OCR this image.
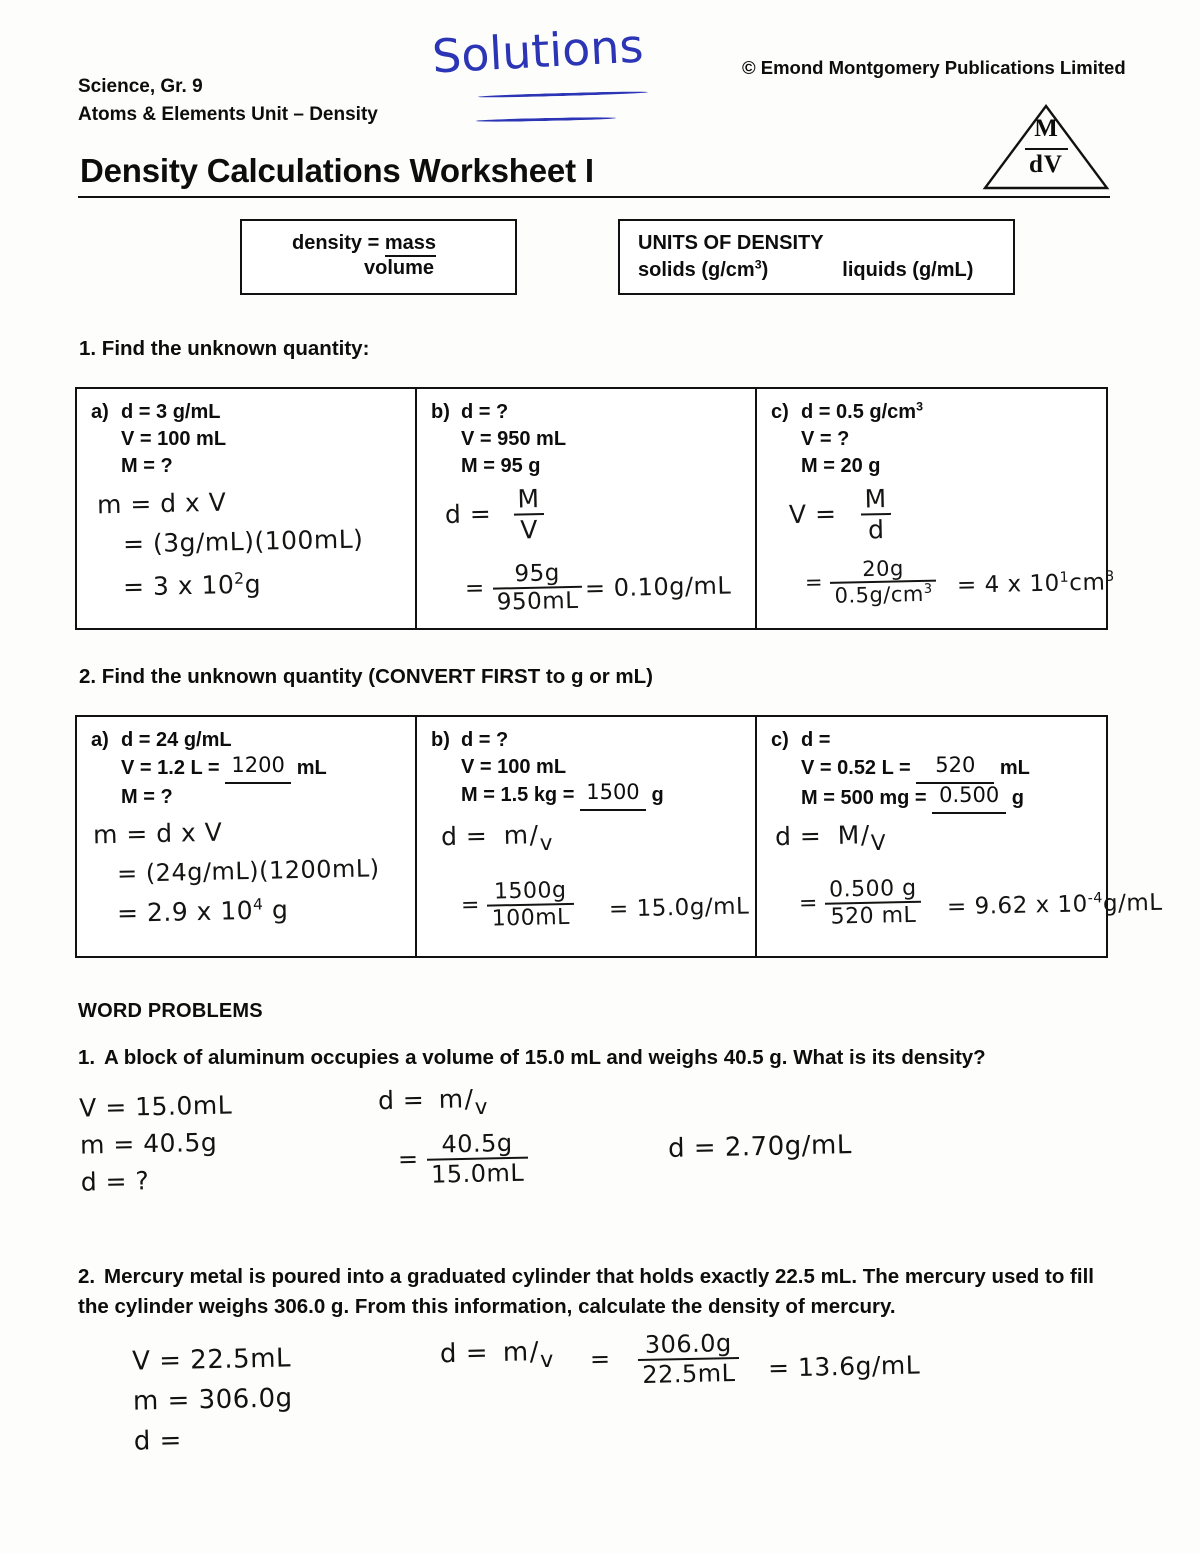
Science, Gr. 9
Atoms & Elements Unit – Density
© Emond Montgomery Publications Limited
Solutions
Density Calculations Worksheet I
M
dV
density = mass
volume
UNITS OF DENSITY
solids $(g/cm^3)$	liquids (g/mL)
1. Find the unknown quantity:
a) d = 3 g/mL
V = 100 mL
M = ?
m = d x V
= (3g/mL)(100mL)
= 3 x $10^2g$
b) d = ?
V = 950 mL
M = 95 g
$d = \frac{M}{V}$
= $\frac{95g}{950mL} = 0.10g/mL$
c) d = 0.5 $g/cm^3$
V = ?
M = 20 g
$V = \frac{M}{d}$
= $\frac{20g}{0.5g/cm^3} = 4$ x $10^1cm^3$
2. Find the unknown quantity (CONVERT FIRST to g or mL)
a) d = 24 g/mL
V = 1.2 L = 1200 mL
M = ?
m = d x V
= (24g/mL)(1200mL)
= 2.9 x $10^4$ g
b) d = ?
V = 100 mL
M = 1.5 kg = 1500 g
d = m/v
= $\frac{1500g}{100mL} = 15.0g/mL$
c) d =
V = 0.52 L = 520 mL
M = 500 mg = 0.500 g
d = M/V
= $\frac{0.500 g}{520 mL} = 9.62$ x $10^{-4}g/mL$
WORD PROBLEMS
1. A block of aluminum occupies a volume of 15.0 mL and weighs 40.5 g. What is its density?
V = 15.0mL
m = 40.5g
d = ?
d = m/v
= $\frac{40.5g}{15.0mL}$	d = 2.70g/mL
2. Mercury metal is poured into a graduated cylinder that holds exactly 22.5 mL. The mercury used to fill the cylinder weighs 306.0 g. From this information, calculate the density of mercury.
V = 22.5mL
m = 306.0g
d =
$d = m/v = \frac{306.0g}{22.5mL} = 13.6g/mL$
